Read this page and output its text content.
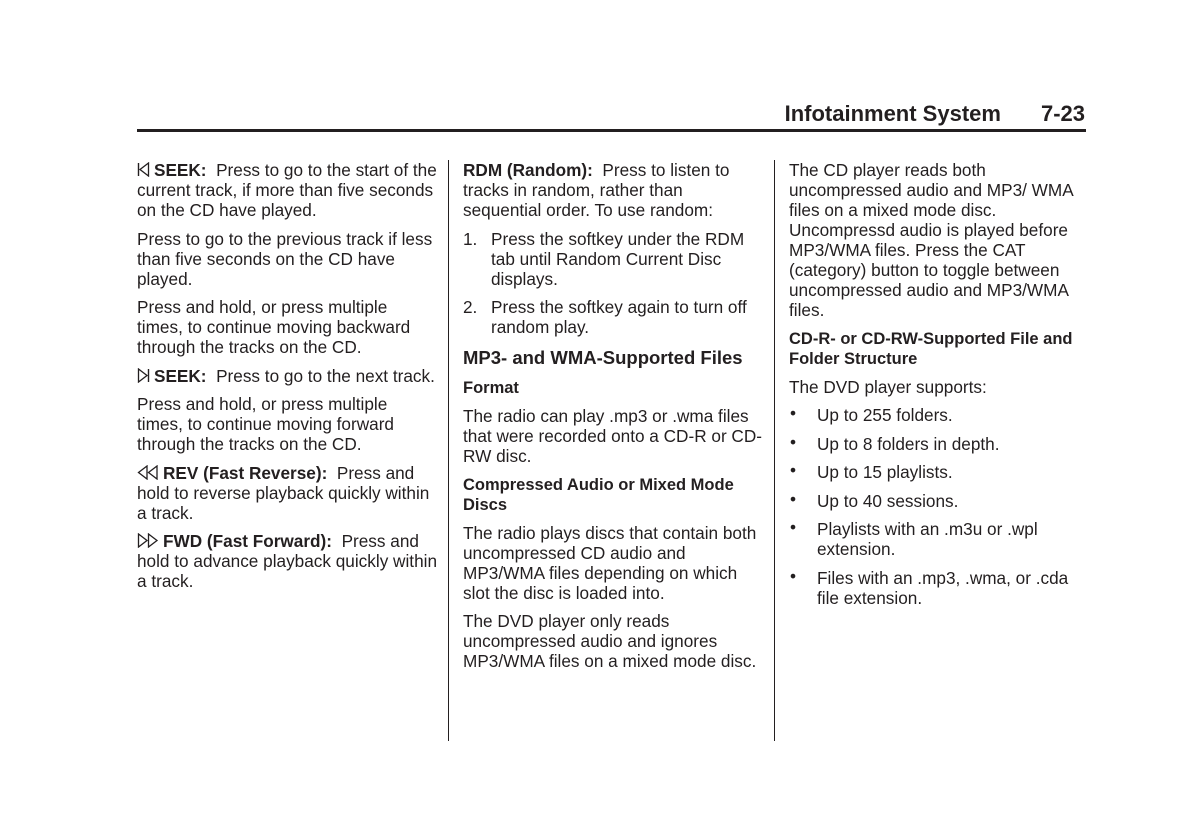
Infotainment System 7-23

SEEK: Press to go to the start of the current track, if more than five seconds on the CD have played.

Press to go to the previous track if less than five seconds on the CD have played.

Press and hold, or press multiple times, to continue moving backward through the tracks on the CD.

SEEK: Press to go to the next track.

Press and hold, or press multiple times, to continue moving forward through the tracks on the CD.

REV (Fast Reverse): Press and hold to reverse playback quickly within a track.

FWD (Fast Forward): Press and hold to advance playback quickly within a track.

RDM (Random): Press to listen to tracks in random, rather than sequential order. To use random:

1. Press the softkey under the RDM tab until Random Current Disc displays.
2. Press the softkey again to turn off random play.
MP3- and WMA-Supported Files
Format

The radio can play .mp3 or .wma files that were recorded onto a CD-R or CD-RW disc.

Compressed Audio or Mixed Mode Discs

The radio plays discs that contain both uncompressed CD audio and MP3/WMA files depending on which slot the disc is loaded into.

The DVD player only reads uncompressed audio and ignores MP3/WMA files on a mixed mode disc.

The CD player reads both uncompressed audio and MP3/ WMA files on a mixed mode disc. Uncompressd audio is played before MP3/WMA files. Press the CAT (category) button to toggle between uncompressed audio and MP3/WMA files.

CD-R- or CD-RW-Supported File and Folder Structure

The DVD player supports:

•
Up to 255 folders.
•
Up to 8 folders in depth.
•
Up to 15 playlists.
•
Up to 40 sessions.
•
Playlists with an .m3u or .wpl extension.
•
Files with an .mp3, .wma, or .cda file extension.
